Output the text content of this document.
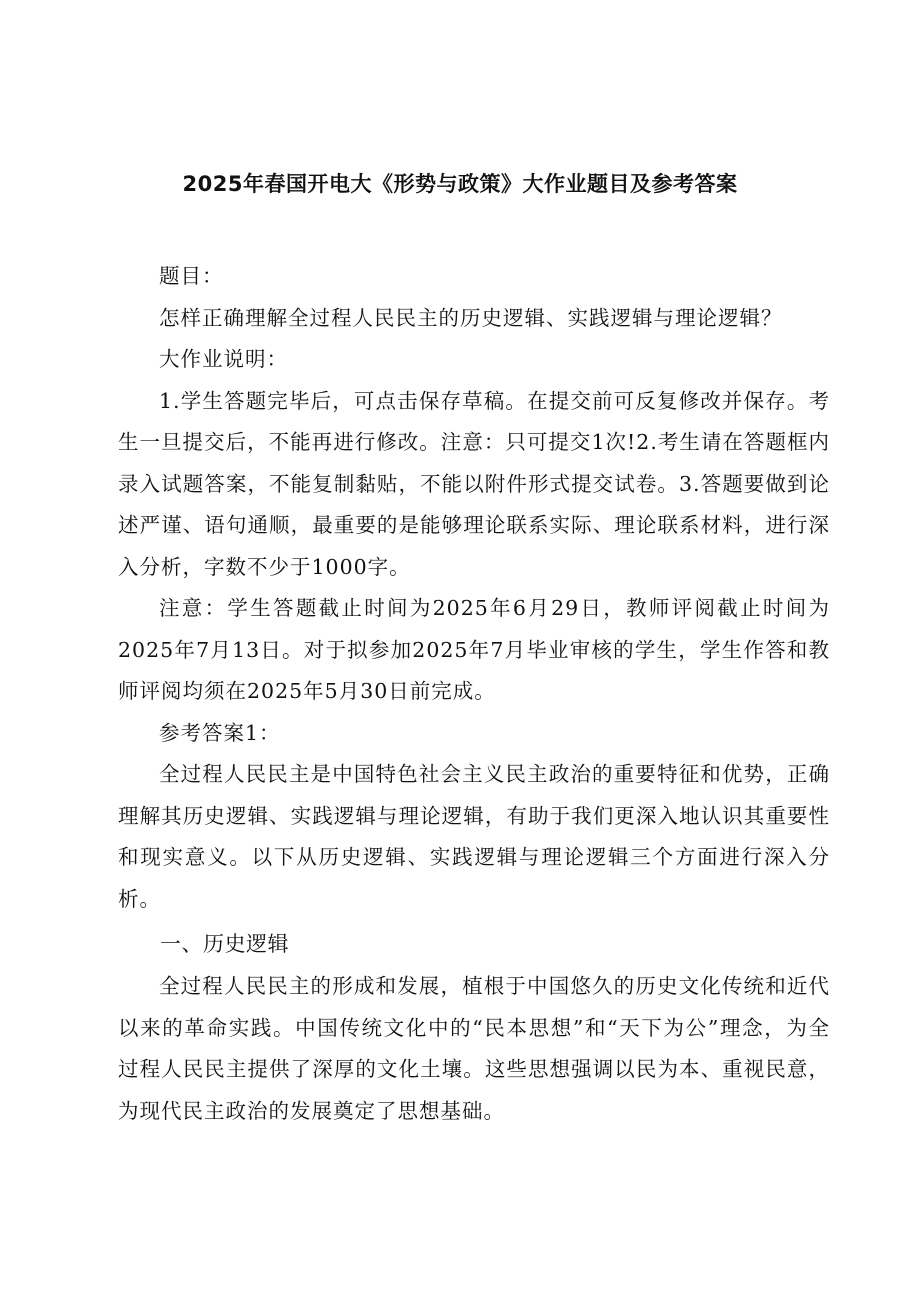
2025年春国开电大《形势与政策》大作业题目及参考答案

题目：

怎样正确理解全过程人民民主的历史逻辑、实践逻辑与理论逻辑？

大作业说明：

1.学生答题完毕后，可点击保存草稿。在提交前可反复修改并保存。考生一旦提交后，不能再进行修改。注意：只可提交1次!2.考生请在答题框内录入试题答案，不能复制黏贴，不能以附件形式提交试卷。3.答题要做到论述严谨、语句通顺，最重要的是能够理论联系实际、理论联系材料，进行深入分析，字数不少于1000字。

注意：学生答题截止时间为2025年6月29日，教师评阅截止时间为2025年7月13日。对于拟参加2025年7月毕业审核的学生，学生作答和教师评阅均须在2025年5月30日前完成。

参考答案1：

全过程人民民主是中国特色社会主义民主政治的重要特征和优势，正确理解其历史逻辑、实践逻辑与理论逻辑，有助于我们更深入地认识其重要性和现实意义。以下从历史逻辑、实践逻辑与理论逻辑三个方面进行深入分析。

一、历史逻辑

全过程人民民主的形成和发展，植根于中国悠久的历史文化传统和近代以来的革命实践。中国传统文化中的“民本思想”和“天下为公”理念，为全过程人民民主提供了深厚的文化土壤。这些思想强调以民为本、重视民意，为现代民主政治的发展奠定了思想基础。
